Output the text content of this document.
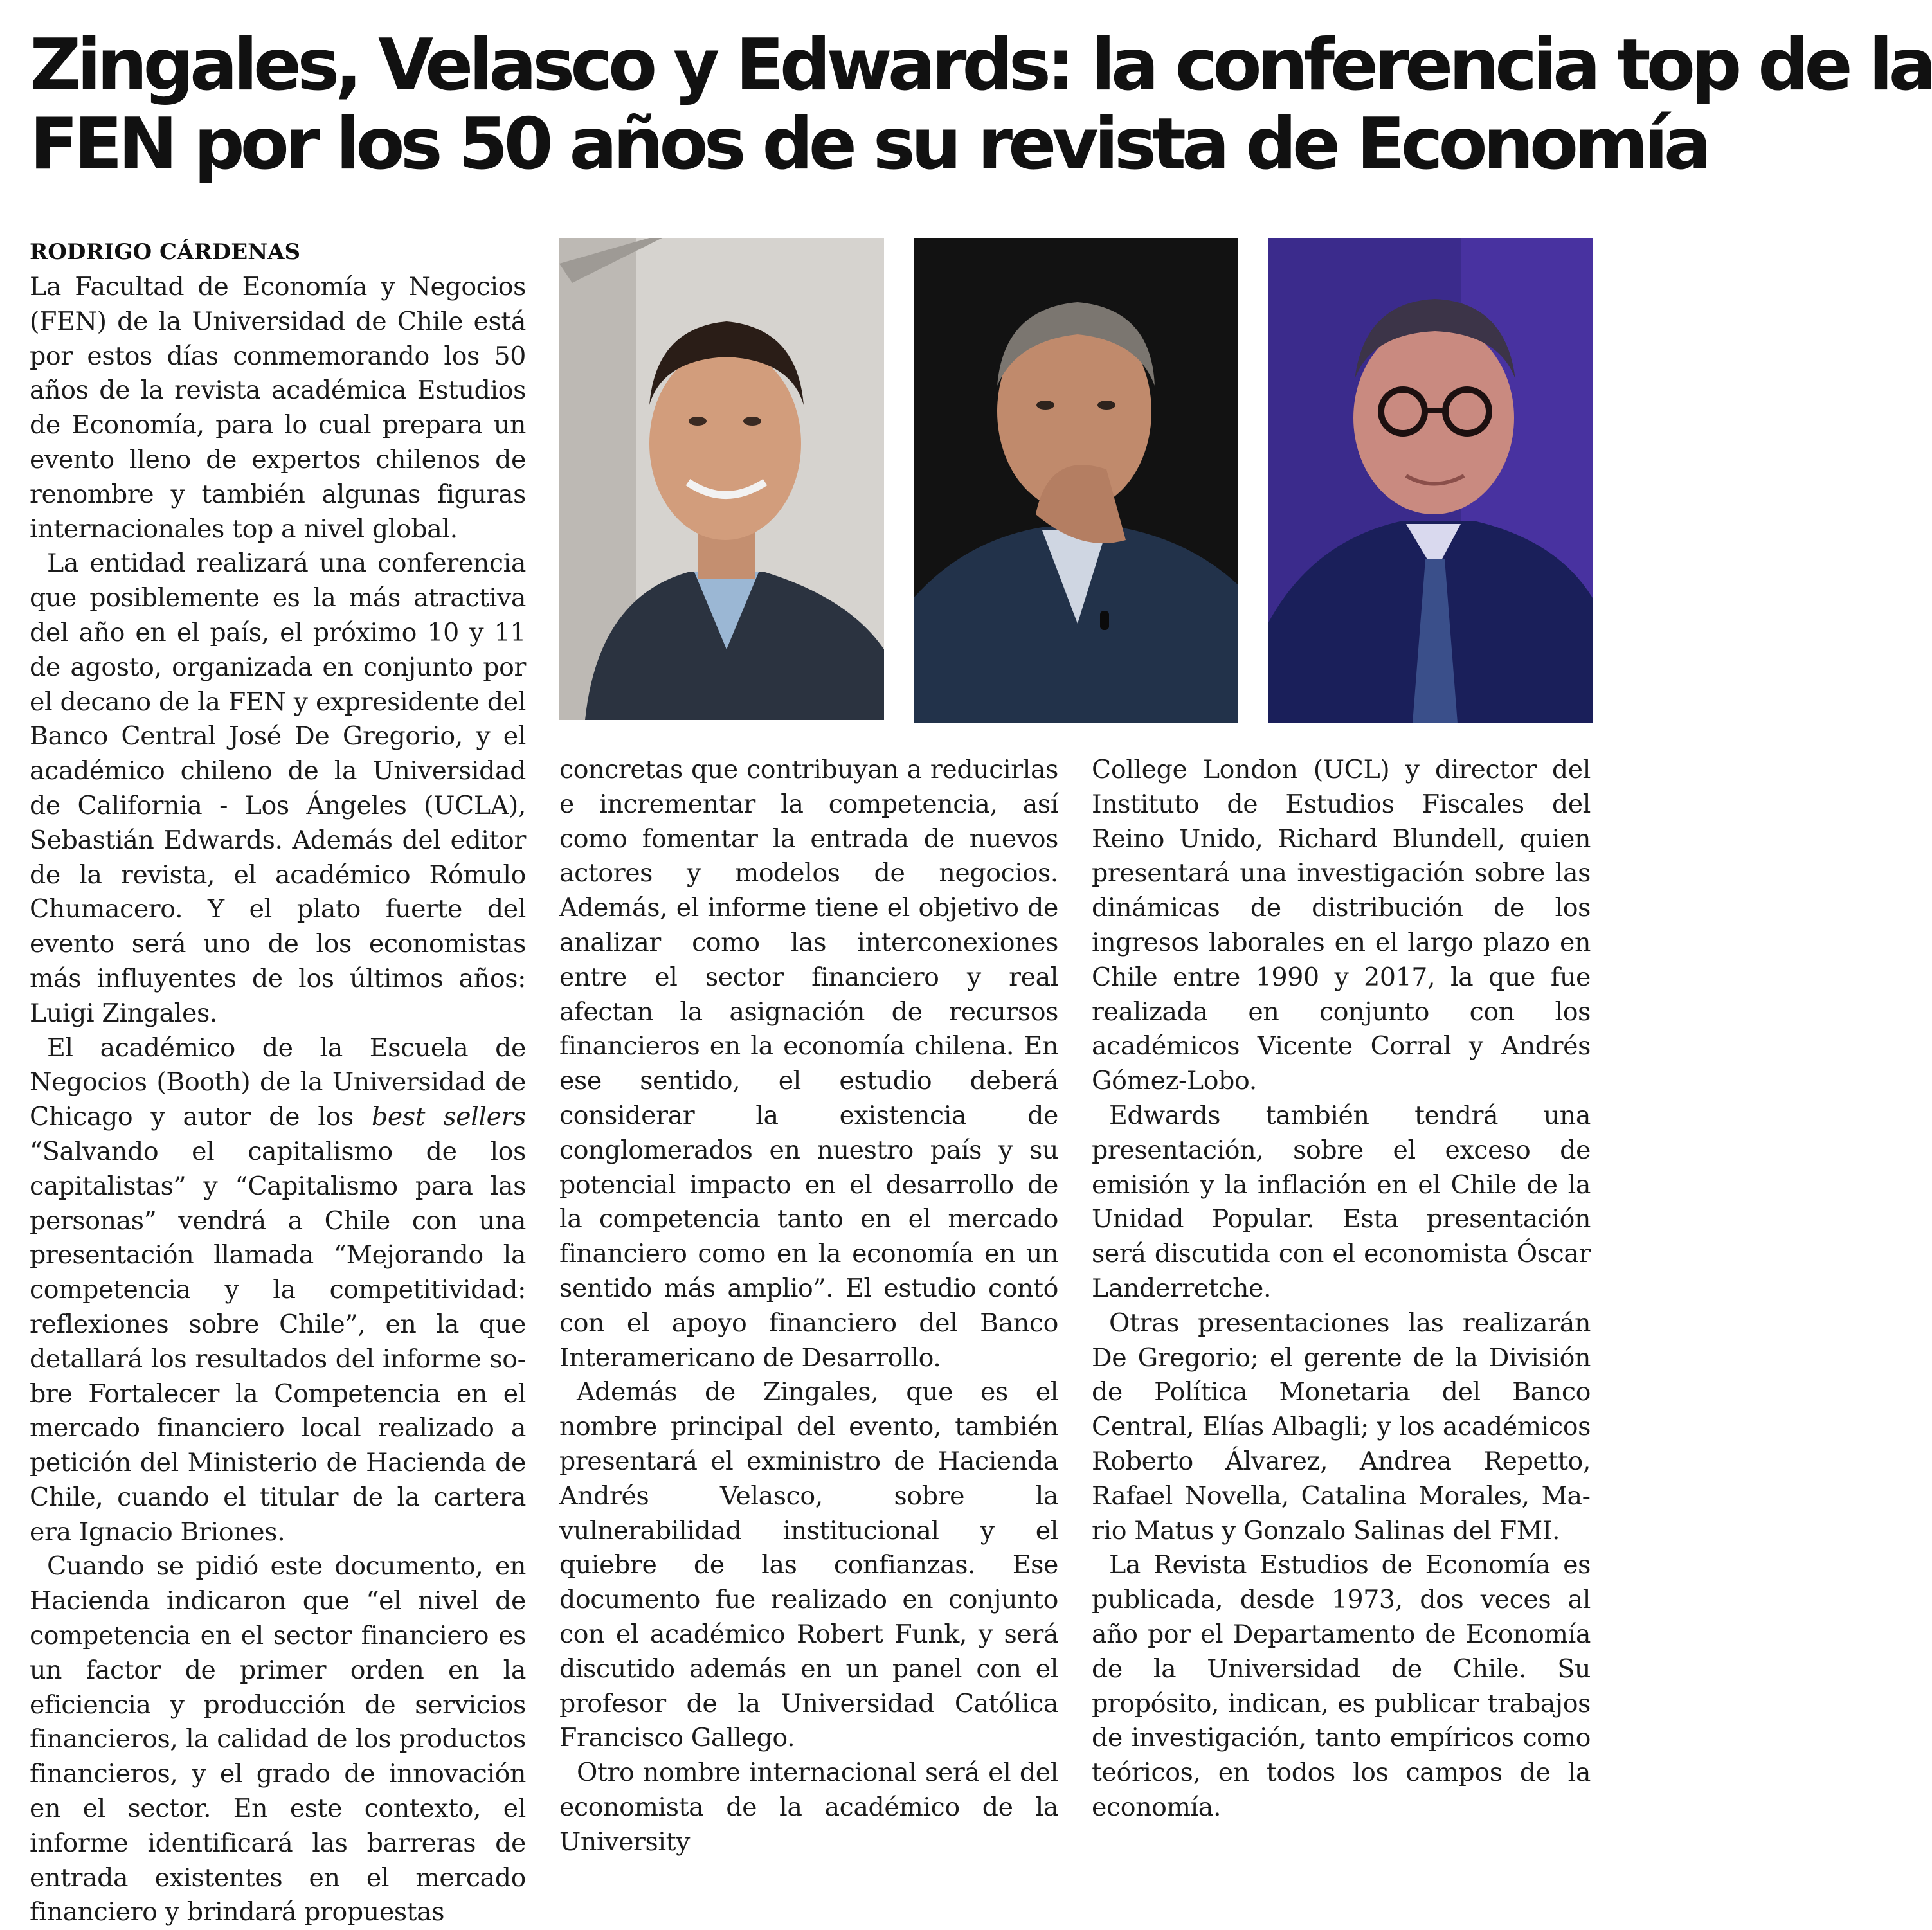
Zingales, Velasco y Edwards: la conferencia top de la
FEN por los 50 años de su revista de Economía

RODRIGO CÁRDENAS

La Facultad de Economía y Negocios (FEN) de la Universidad de Chile está por estos días conmemorando los 50 años de la revista académica Estudios de Economía, para lo cual prepara un evento lleno de expertos chilenos de renombre y también algunas figuras internacionales top a nivel global.

La entidad realizará una conferencia que posiblemente es la más atractiva del año en el país, el próximo 10 y 11 de agosto, organizada en conjunto por el decano de la FEN y expresidente del Banco Central José De Gregorio, y el académico chileno de la Universidad de California - Los Ángeles (UCLA), Sebastián Edwards. Además del editor de la revista, el académico Rómulo Chumacero. Y el plato fuerte del evento será uno de los economistas más influyentes de los últimos años: Luigi Zingales.

El académico de la Escuela de Negocios (Booth) de la Universidad de Chicago y autor de los best sellers “Salvando el capitalismo de los capitalistas” y “Capitalismo para las personas” vendrá a Chile con una presentación llamada “Mejorando la competencia y la competitividad: reflexiones sobre Chile”, en la que detallará los resultados del informe sobre Fortalecer la Competencia en el mercado financiero local realizado a petición del Ministerio de Hacienda de Chile, cuando el titular de la cartera era Ignacio Briones.

Cuando se pidió este documento, en Hacienda indicaron que “el nivel de competencia en el sector financiero es un factor de primer orden en la eficiencia y producción de servicios financieros, la calidad de los productos financieros, y el grado de innovación en el sector. En este contexto, el informe identificará las barreras de entrada existentes en el mercado financiero y brindará propuestas

concretas que contribuyan a reducirlas e incrementar la competencia, así como fomentar la entrada de nuevos actores y modelos de negocios. Además, el informe tiene el objetivo de analizar como las interconexiones entre el sector financiero y real afectan la asignación de recursos financieros en la economía chilena. En ese sentido, el estudio deberá considerar la existencia de conglomerados en nuestro país y su potencial impacto en el desarrollo de la competencia tanto en el mercado financiero como en la economía en un sentido más amplio”. El estudio contó con el apoyo financiero del Banco Interamericano de Desarrollo.

Además de Zingales, que es el nombre principal del evento, también presentará el exministro de Hacienda Andrés Velasco, sobre la vulnerabilidad institucional y el quiebre de las confianzas. Ese documento fue realizado en conjunto con el académico Robert Funk, y será discutido además en un panel con el profesor de la Universidad Católica Francisco Gallego.

Otro nombre internacional será el del economista de la académico de la University

College London (UCL) y director del Instituto de Estudios Fiscales del Reino Unido, Richard Blundell, quien presentará una investigación sobre las dinámicas de distribución de los ingresos laborales en el largo plazo en Chile entre 1990 y 2017, la que fue realizada en conjunto con los académicos Vicente Corral y Andrés Gómez-Lobo.

Edwards también tendrá una presentación, sobre el exceso de emisión y la inflación en el Chile de la Unidad Popular. Esta presentación será discutida con el economista Óscar Landerretche.

Otras presentaciones las realizarán De Gregorio; el gerente de la División de Política Monetaria del Banco Central, Elías Albagli; y los académicos Roberto Álvarez, Andrea Repetto, Rafael Novella, Catalina Morales, Mario Matus y Gonzalo Salinas del FMI.

La Revista Estudios de Economía es publicada, desde 1973, dos veces al año por el Departamento de Economía de la Universidad de Chile. Su propósito, indican, es publicar trabajos de investigación, tanto empíricos como teóricos, en todos los campos de la economía.
